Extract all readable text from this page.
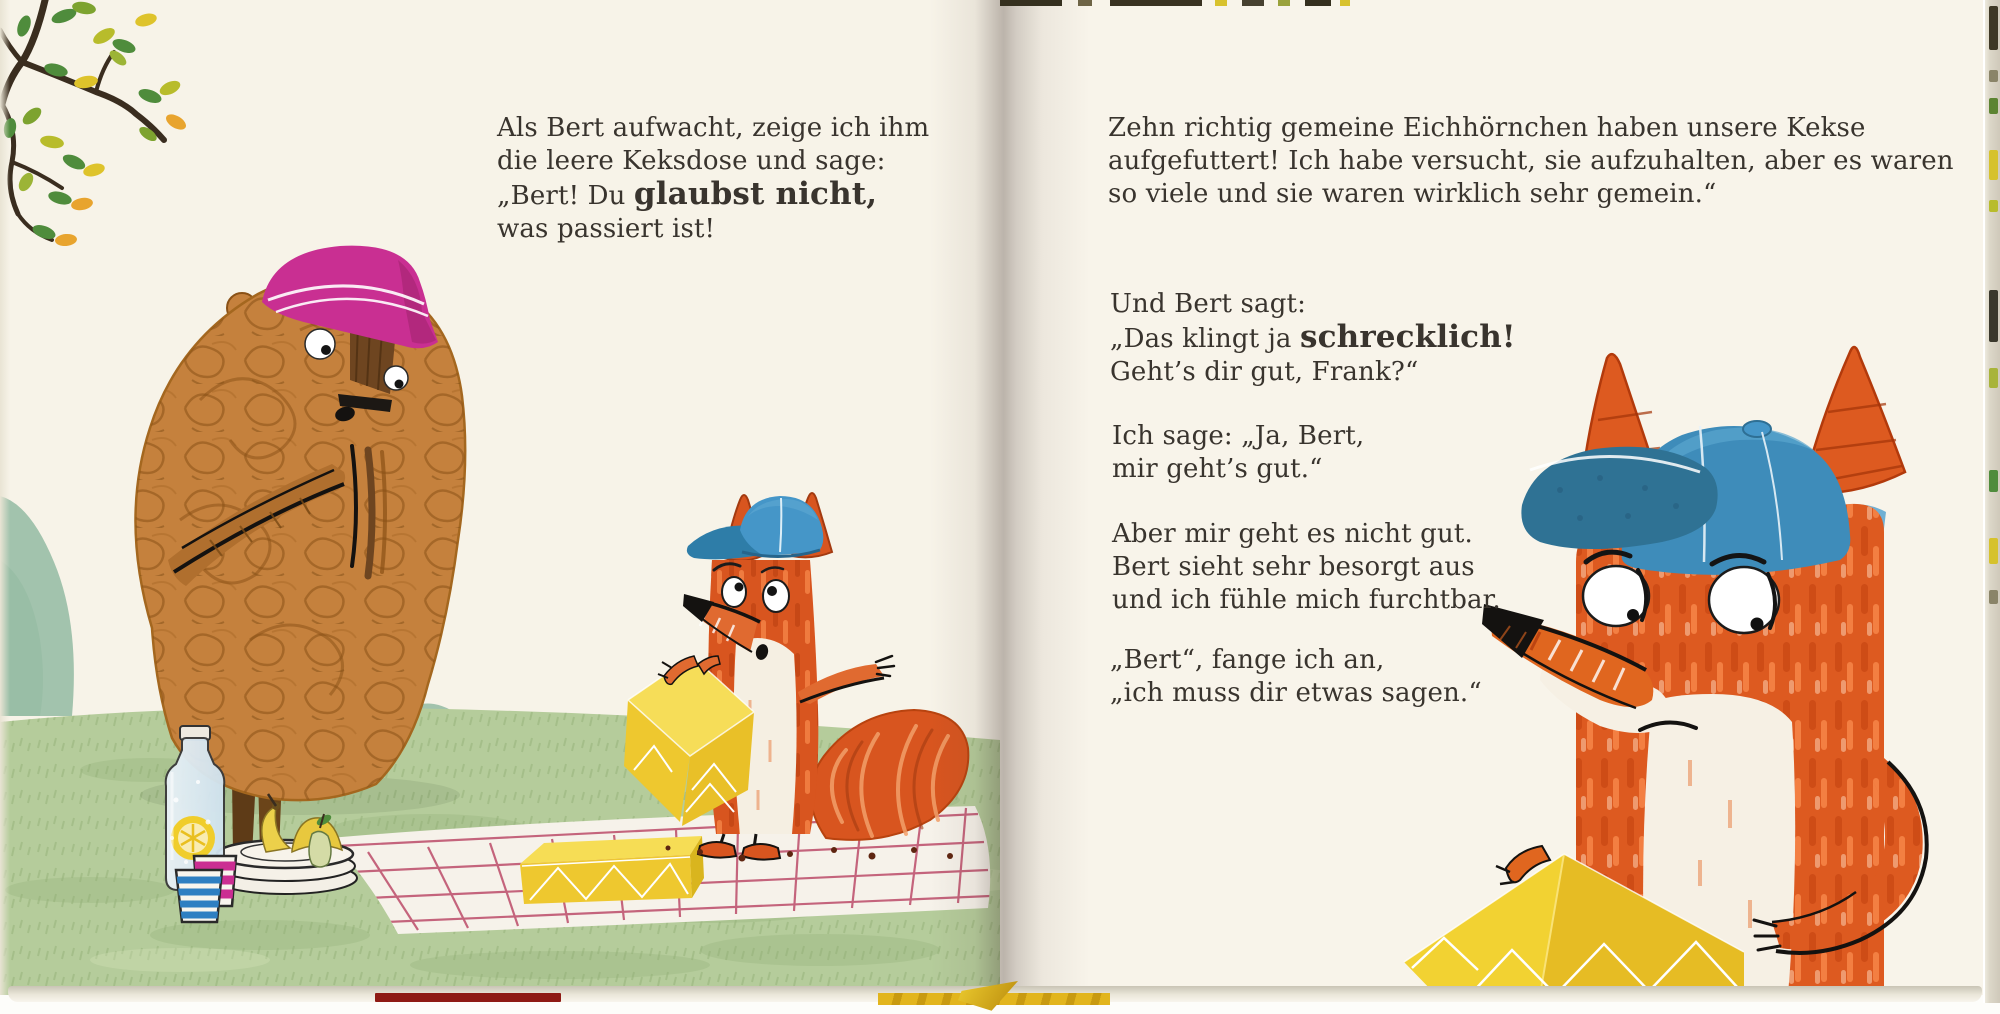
Als Bert aufwacht, zeige ich ihm
die leere Keksdose und sage:
„Bert! Du glaubst nicht,
was passiert ist!
Zehn richtig gemeine Eichhörnchen haben unsere Kekse
aufgefuttert! Ich habe versucht, sie aufzuhalten, aber es waren
so viele und sie waren wirklich sehr gemein.“
Und Bert sagt:
„Das klingt ja schrecklich!
Geht’s dir gut, Frank?“
Ich sage: „Ja, Bert,
mir geht’s gut.“
Aber mir geht es nicht gut.
Bert sieht sehr besorgt aus
und ich fühle mich furchtbar.
„Bert“, fange ich an,
„ich muss dir etwas sagen.“
